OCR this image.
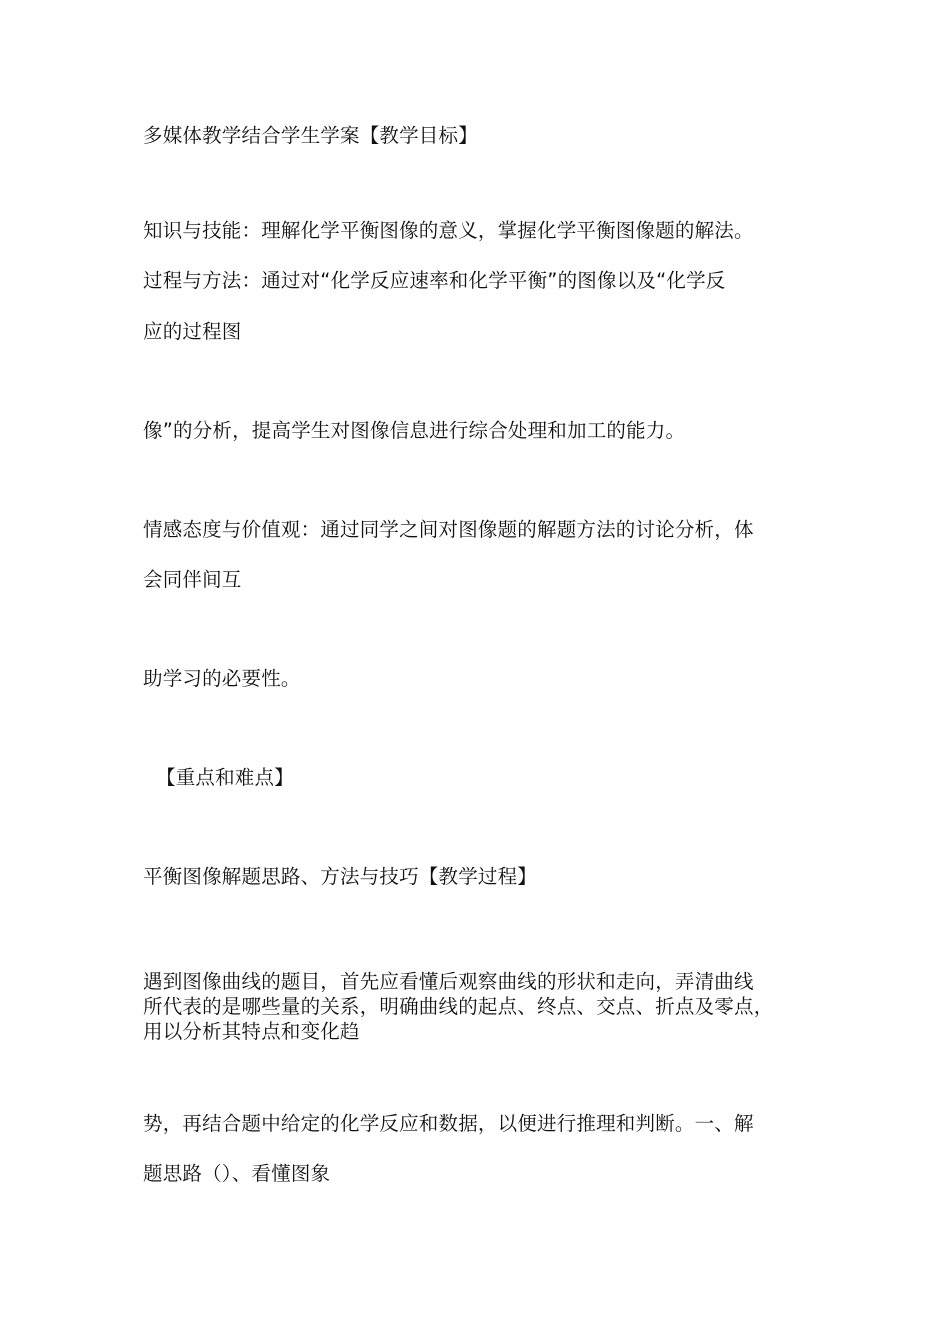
多媒体教学结合学生学案【教学目标】
知识与技能：理解化学平衡图像的意义，掌握化学平衡图像题的解法。
过程与方法：通过对“化学反应速率和化学平衡”的图像以及“化学反
应的过程图
像”的分析，提高学生对图像信息进行综合处理和加工的能力。
情感态度与价值观：通过同学之间对图像题的解题方法的讨论分析，体
会同伴间互
助学习的必要性。
【重点和难点】
平衡图像解题思路、方法与技巧【教学过程】
遇到图像曲线的题目，首先应看懂后观察曲线的形状和走向，弄清曲线
所代表的是哪些量的关系，明确曲线的起点、终点、交点、折点及零点，
用以分析其特点和变化趋
势，再结合题中给定的化学反应和数据，以便进行推理和判断。一、解
题思路（）、看懂图象
